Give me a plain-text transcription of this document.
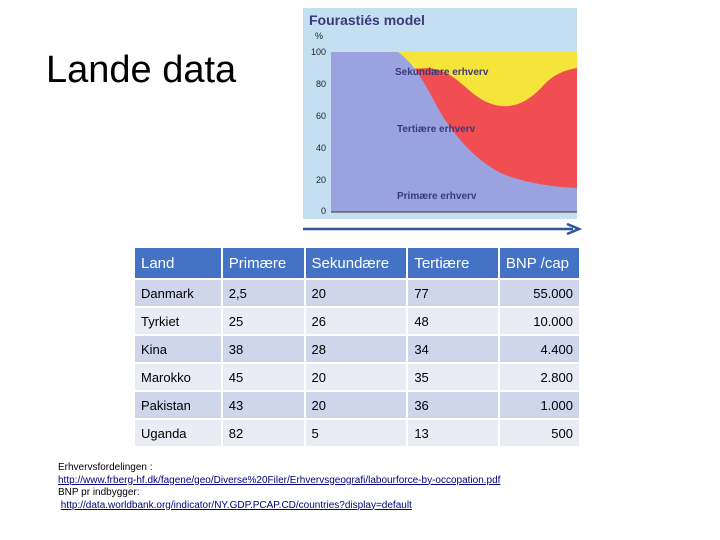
Lande data
Fourastiés model
%
100
80
60
40
20
0
Sekundære erhverv
Tertiære erhverv
Primære erhverv
Land	Primære	Sekundære	Tertiære	BNP /cap
Danmark	2,5	20	77	55.000
Tyrkiet	25	26	48	10.000
Kina	38	28	34	4.400
Marokko	45	20	35	2.800
Pakistan	43	20	36	1.000
Uganda	82	5	13	500
Erhvervsfordelingen :
http://www.frberg-hf.dk/fagene/geo/Diverse%20Filer/Erhvervsgeografi/labourforce-by-occopation.pdf
BNP pr indbygger:
http://data.worldbank.org/indicator/NY.GDP.PCAP.CD/countries?display=default
